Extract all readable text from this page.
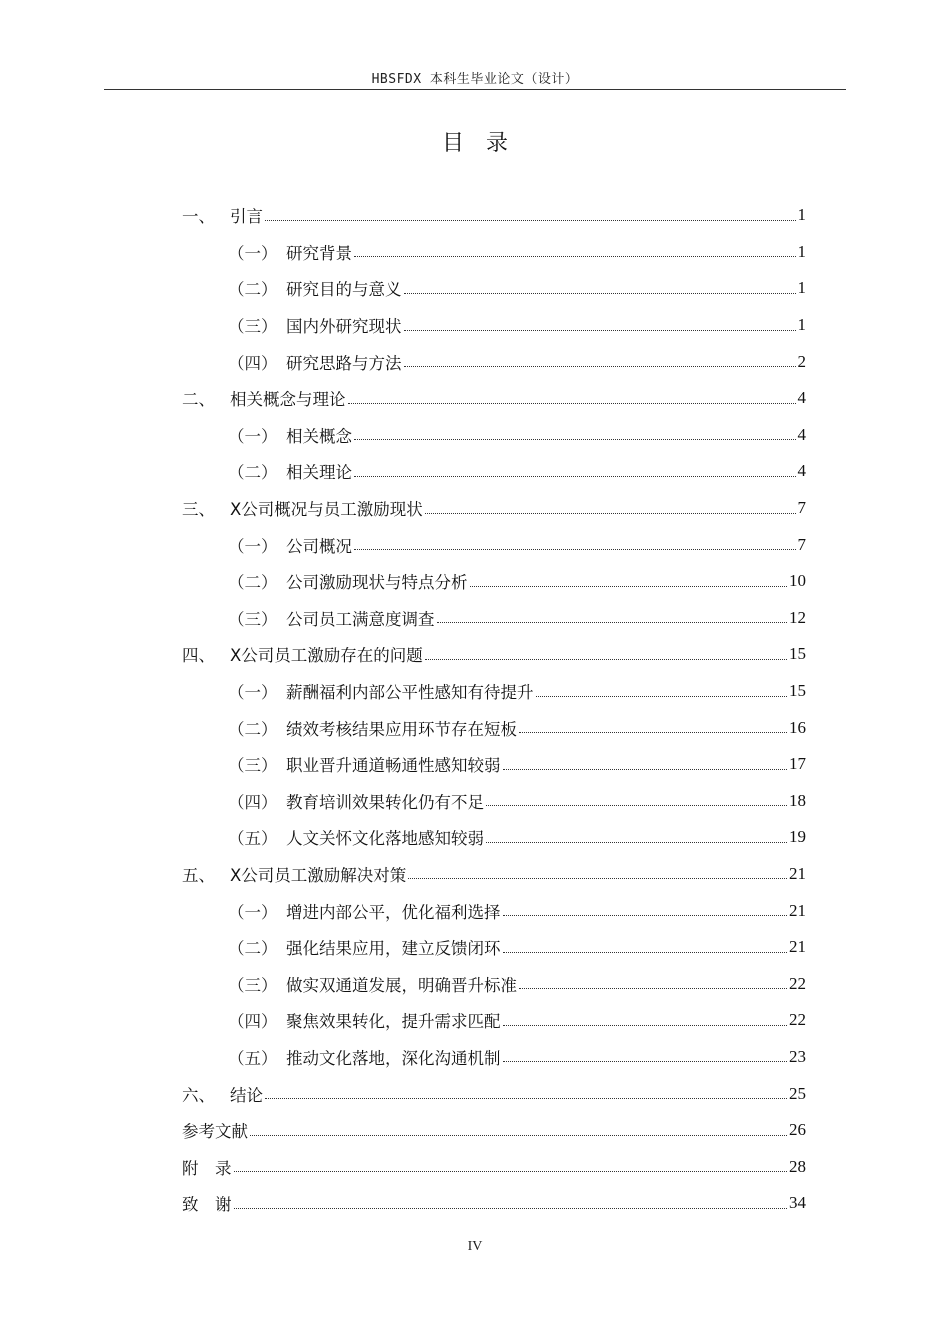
HBSFDX 本科生毕业论文（设计）
目录
一、 引言	1
（一） 研究背景	1
（二） 研究目的与意义	1
（三） 国内外研究现状	1
（四） 研究思路与方法	2
二、 相关概念与理论	4
（一） 相关概念	4
（二） 相关理论	4
三、 X公司概况与员工激励现状	7
（一） 公司概况	7
（二） 公司激励现状与特点分析	10
（三） 公司员工满意度调查	12
四、 X公司员工激励存在的问题	15
（一） 薪酬福利内部公平性感知有待提升	15
（二） 绩效考核结果应用环节存在短板	16
（三） 职业晋升通道畅通性感知较弱	17
（四） 教育培训效果转化仍有不足	18
（五） 人文关怀文化落地感知较弱	19
五、 X公司员工激励解决对策	21
（一） 增进内部公平，优化福利选择	21
（二） 强化结果应用，建立反馈闭环	21
（三） 做实双通道发展，明确晋升标准	22
（四） 聚焦效果转化，提升需求匹配	22
（五） 推动文化落地，深化沟通机制	23
六、 结论	25
参考文献	26
附　录	28
致　谢	34
IV
